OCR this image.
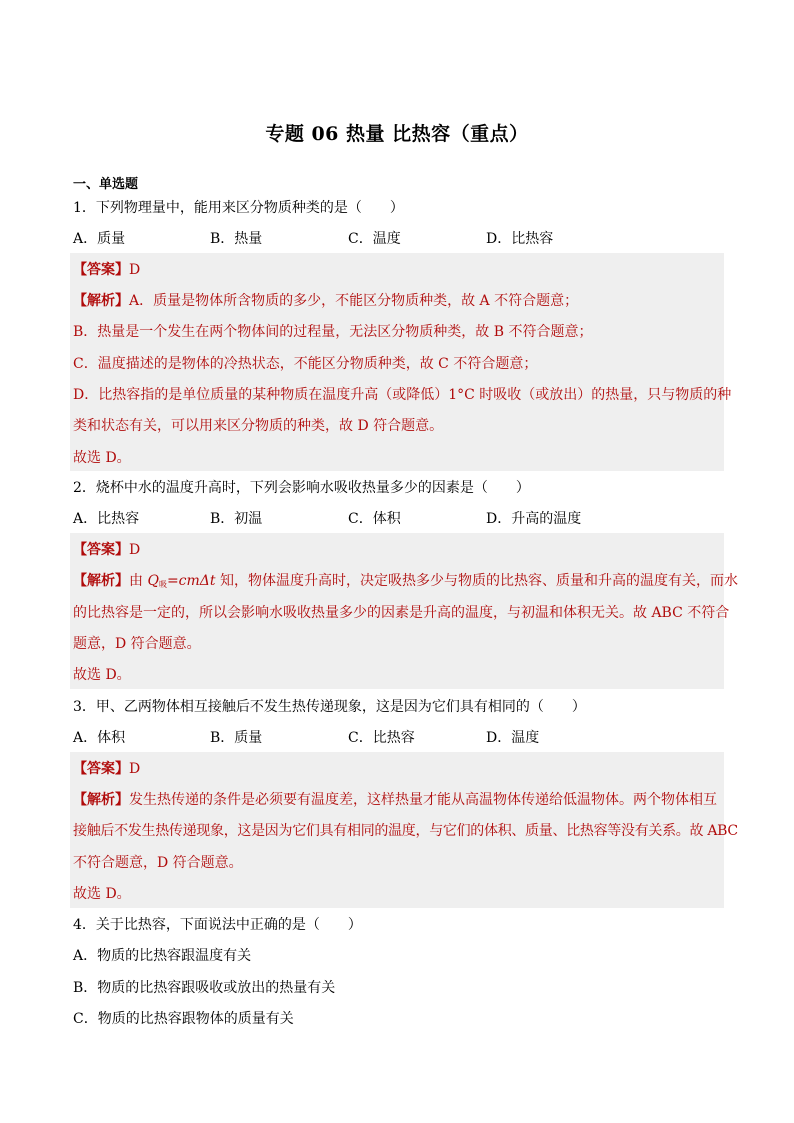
专题 06 热量 比热容（重点）
一、单选题
1．下列物理量中，能用来区分物质种类的是（　　）
A．质量	B．热量	C．温度	D．比热容
【答案】D
【解析】A．质量是物体所含物质的多少，不能区分物质种类，故 A 不符合题意；
B．热量是一个发生在两个物体间的过程量，无法区分物质种类，故 B 不符合题意；
C．温度描述的是物体的冷热状态，不能区分物质种类，故 C 不符合题意；
D．比热容指的是单位质量的某种物质在温度升高（或降低）1°C 时吸收（或放出）的热量，只与物质的种
类和状态有关，可以用来区分物质的种类，故 D 符合题意。
故选 D。
2．烧杯中水的温度升高时，下列会影响水吸收热量多少的因素是（　　）
A．比热容	B．初温	C．体积	D．升高的温度
【答案】D
【解析】由 $Q_吸=cm\Delta t$ 知，物体温度升高时，决定吸热多少与物质的比热容、质量和升高的温度有关，而水
的比热容是一定的，所以会影响水吸收热量多少的因素是升高的温度，与初温和体积无关。故 ABC 不符合
题意，D 符合题意。
故选 D。
3．甲、乙两物体相互接触后不发生热传递现象，这是因为它们具有相同的（　　）
A．体积	B．质量	C．比热容	D．温度
【答案】D
【解析】发生热传递的条件是必须要有温度差，这样热量才能从高温物体传递给低温物体。两个物体相互
接触后不发生热传递现象，这是因为它们具有相同的温度，与它们的体积、质量、比热容等没有关系。故 ABC
不符合题意，D 符合题意。
故选 D。
4．关于比热容，下面说法中正确的是（　　）
A．物质的比热容跟温度有关
B．物质的比热容跟吸收或放出的热量有关
C．物质的比热容跟物体的质量有关
